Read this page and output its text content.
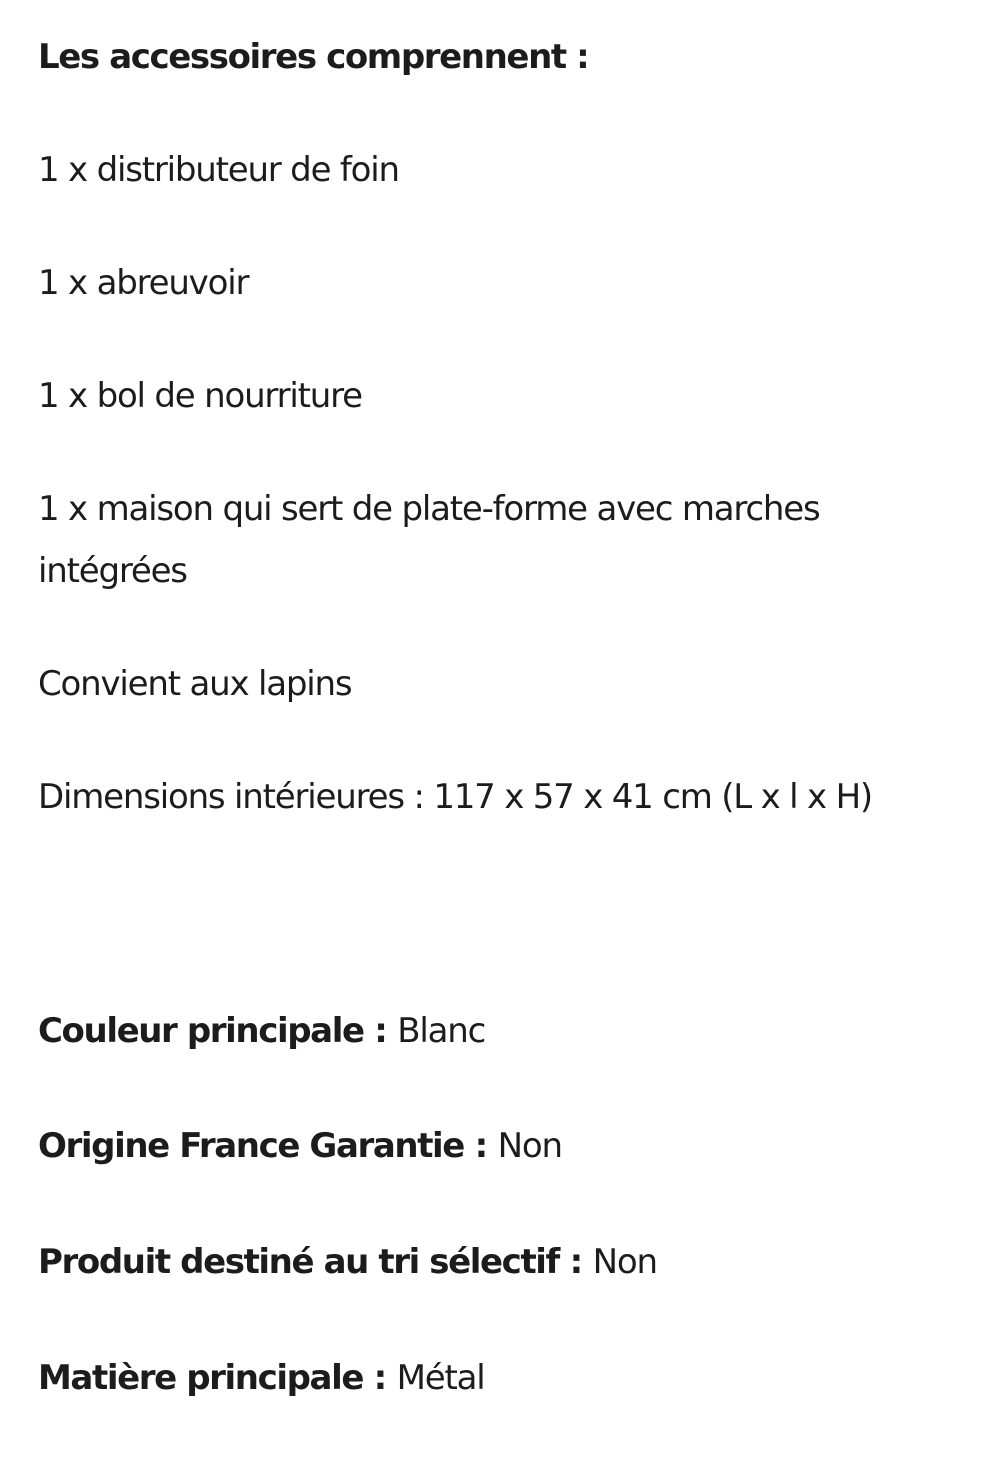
Les accessoires comprennent :
1 x distributeur de foin
1 x abreuvoir
1 x bol de nourriture
1 x maison qui sert de plate-forme avec marches
intégrées
Convient aux lapins
Dimensions intérieures : 117 x 57 x 41 cm (L x l x H)
Couleur principale : Blanc
Origine France Garantie : Non
Produit destiné au tri sélectif : Non
Matière principale : Métal
